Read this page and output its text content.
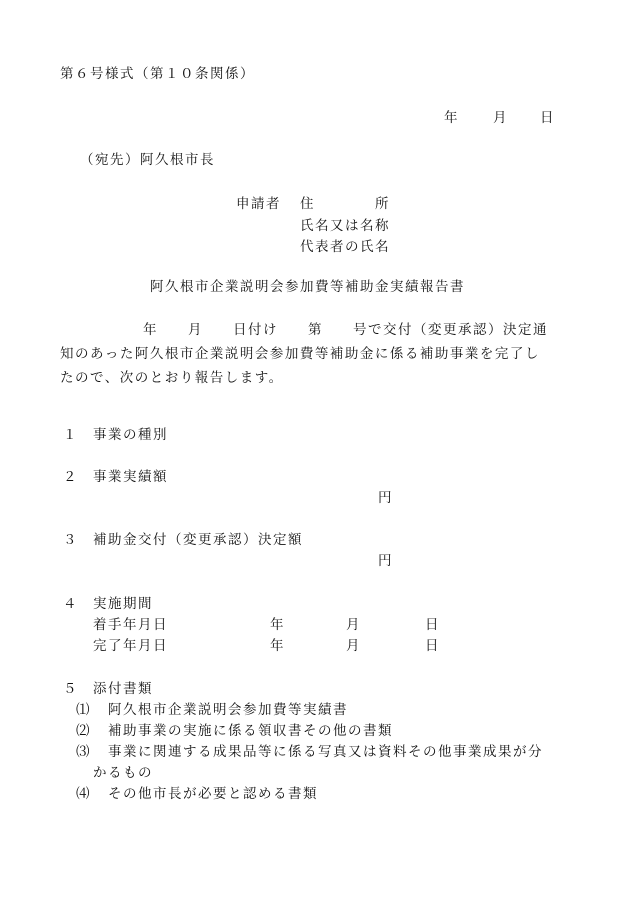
第６号様式（第１０条関係）
年	月 日
（宛先）阿久根市長
申請者 住　　　　所
氏名又は名称
代表者の氏名
阿久根市企業説明会参加費等補助金実績報告書
年　　月　　日付け　　第　　号で交付（変更承認）決定通
知のあった阿久根市企業説明会参加費等補助金に係る補助事業を完了し
たので、次のとおり報告します。
１ 事業の種別
２ 事業実績額
円
３ 補助金交付（変更承認）決定額
円
４ 実施期間
着手年月日	年	月	日
完了年月日	年	月	日
５ 添付書類
⑴ 阿久根市企業説明会参加費等実績書
⑵ 補助事業の実施に係る領収書その他の書類
⑶ 事業に関連する成果品等に係る写真又は資料その他事業成果が分
かるもの
⑷ その他市長が必要と認める書類
